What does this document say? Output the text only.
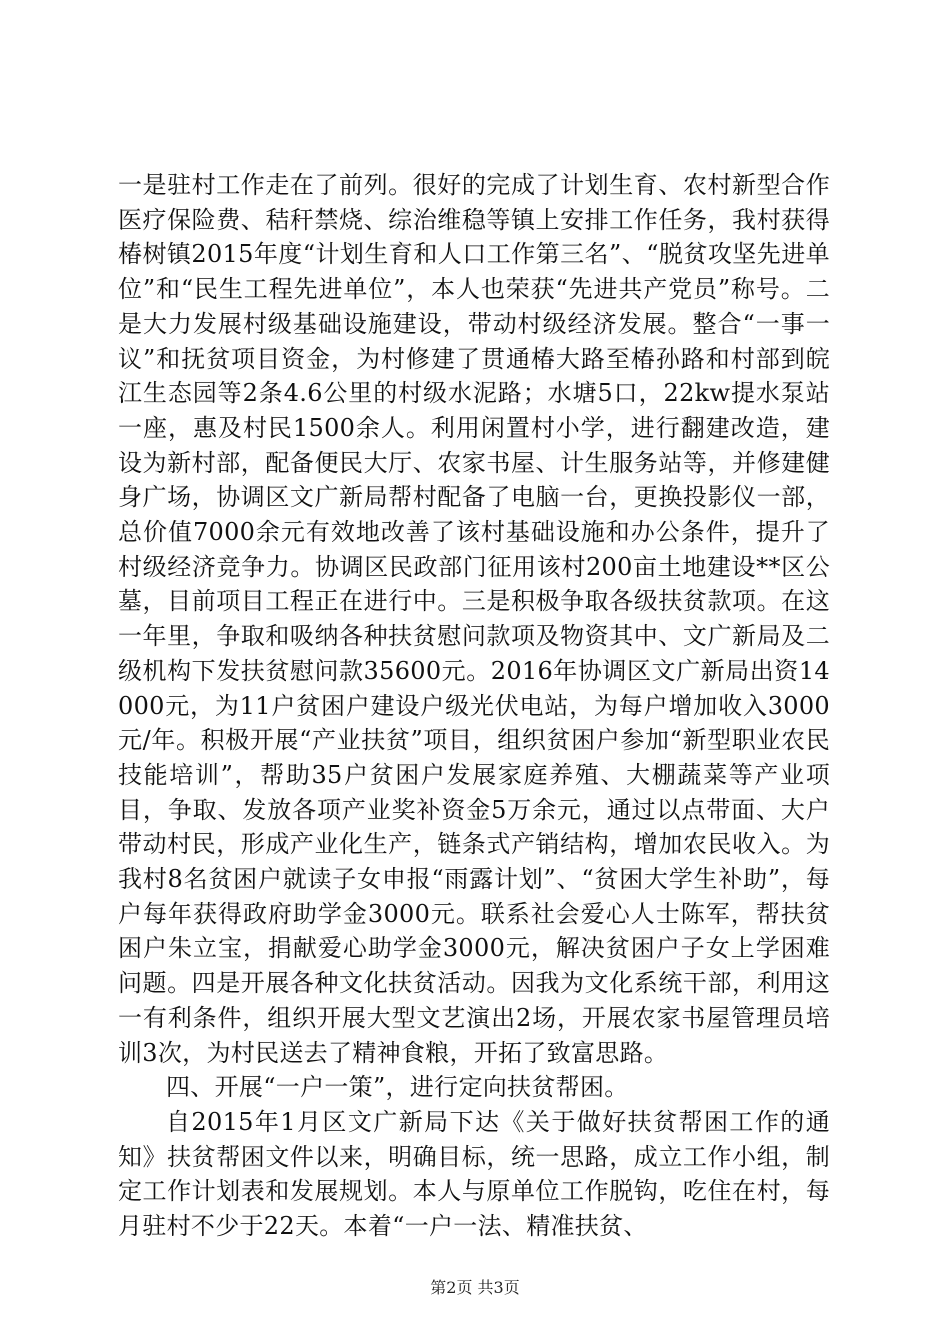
一是驻村工作走在了前列。很好的完成了计划生育、农村新型合作医疗保险费、秸秆禁烧、综治维稳等镇上安排工作任务，我村获得椿树镇2015年度“计划生育和人口工作第三名”、“脱贫攻坚先进单位”和“民生工程先进单位”，本人也荣获“先进共产党员”称号。二是大力发展村级基础设施建设，带动村级经济发展。整合“一事一议”和抚贫项目资金，为村修建了贯通椿大路至椿孙路和村部到皖江生态园等2条4.6公里的村级水泥路；水塘5口，22kw提水泵站一座，惠及村民1500余人。利用闲置村小学，进行翻建改造，建设为新村部，配备便民大厅、农家书屋、计生服务站等，并修建健身广场，协调区文广新局帮村配备了电脑一台，更换投影仪一部，总价值7000余元有效地改善了该村基础设施和办公条件，提升了村级经济竞争力。协调区民政部门征用该村200亩土地建设**区公墓，目前项目工程正在进行中。三是积极争取各级扶贫款项。在这一年里，争取和吸纳各种扶贫慰问款项及物资其中、文广新局及二级机构下发扶贫慰问款35600元。2016年协调区文广新局出资14000元，为11户贫困户建设户级光伏电站，为每户增加收入3000元/年。积极开展“产业扶贫”项目，组织贫困户参加“新型职业农民技能培训”，帮助35户贫困户发展家庭养殖、大棚蔬菜等产业项目，争取、发放各项产业奖补资金5万余元，通过以点带面、大户带动村民，形成产业化生产，链条式产销结构，增加农民收入。为我村8名贫困户就读子女申报“雨露计划”、“贫困大学生补助”，每户每年获得政府助学金3000元。联系社会爱心人士陈军，帮扶贫困户朱立宝，捐献爱心助学金3000元，解决贫困户子女上学困难问题。四是开展各种文化扶贫活动。因我为文化系统干部，利用这一有利条件，组织开展大型文艺演出2场，开展农家书屋管理员培训3次，为村民送去了精神食粮，开拓了致富思路。

四、开展“一户一策”，进行定向扶贫帮困。

自2015年1月区文广新局下达《关于做好扶贫帮困工作的通知》扶贫帮困文件以来，明确目标，统一思路，成立工作小组，制定工作计划表和发展规划。本人与原单位工作脱钩，吃住在村，每月驻村不少于22天。本着“一户一法、精准扶贫、

第2页 共3页
